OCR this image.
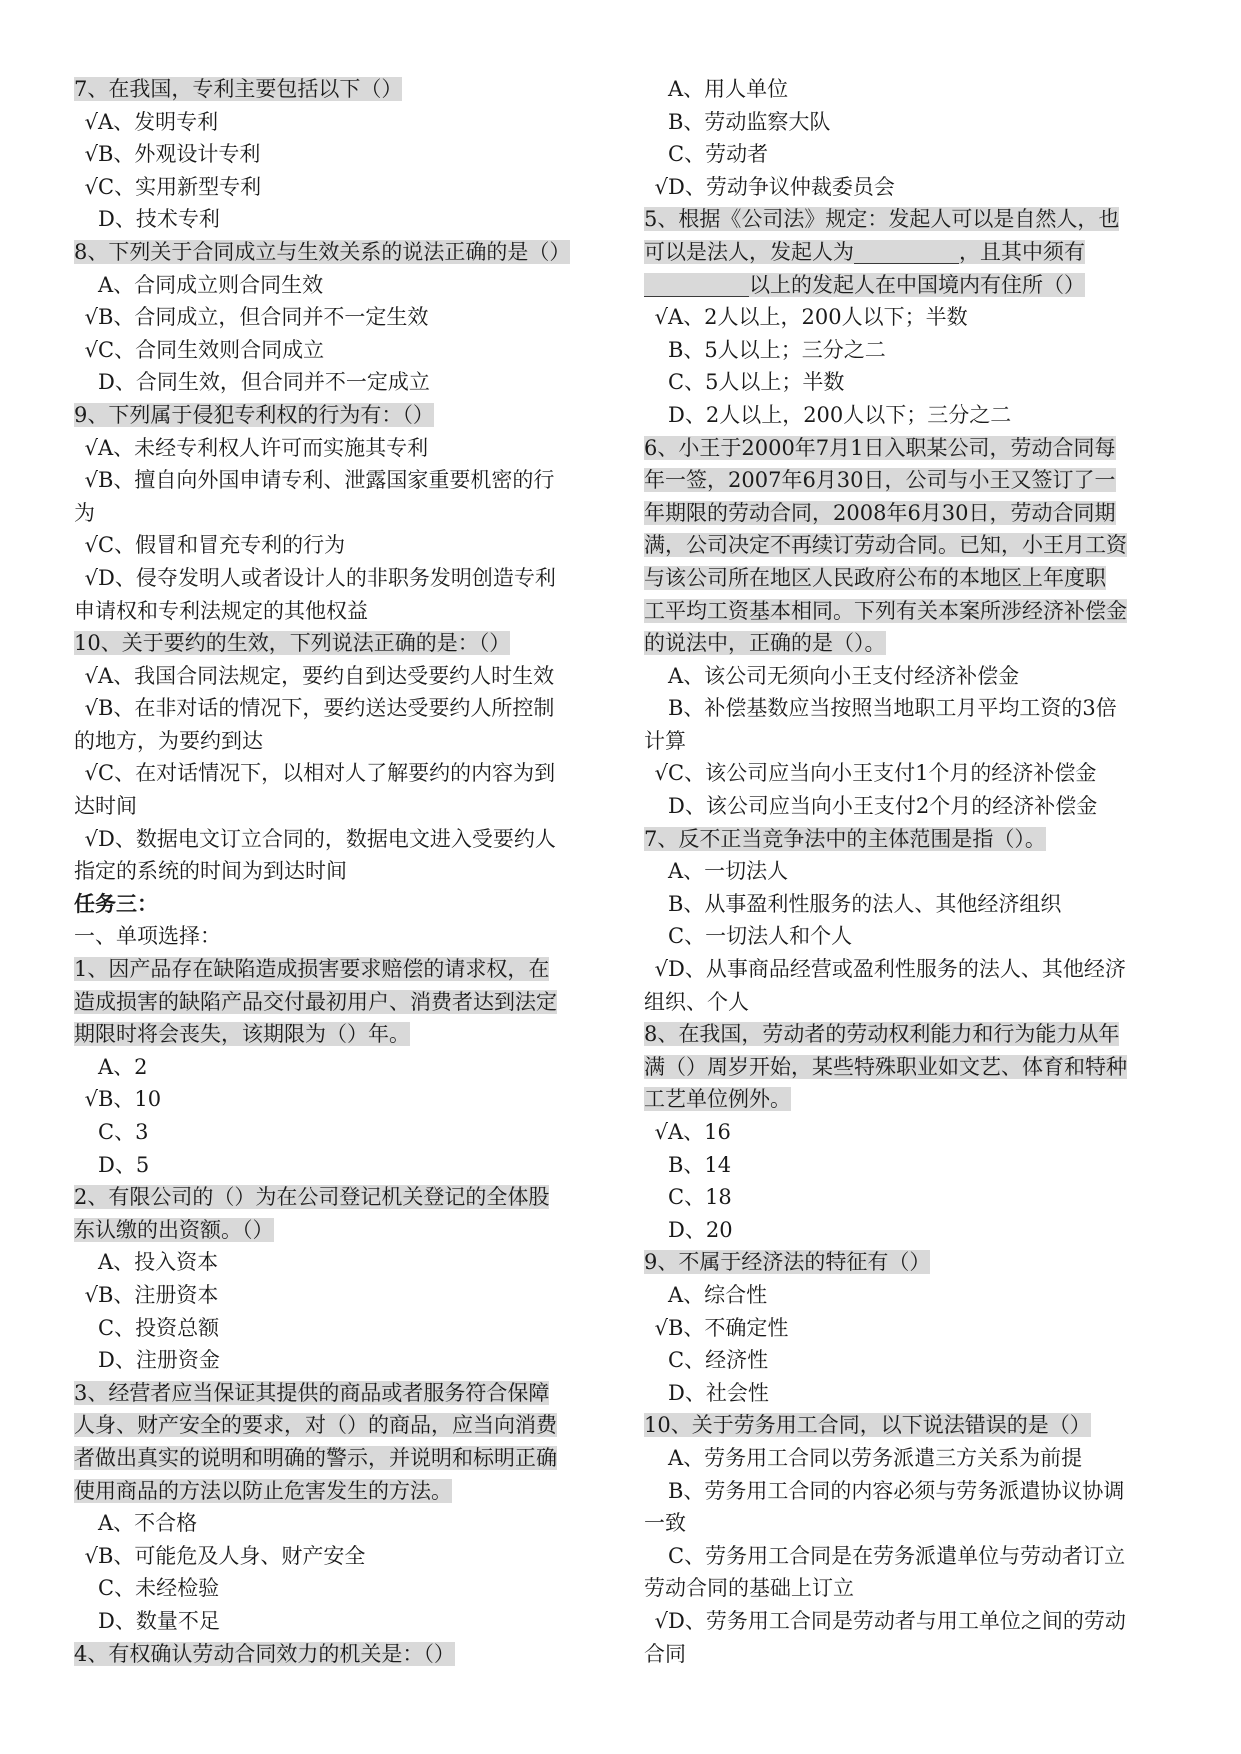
7、在我国，专利主要包括以下（）
√A、发明专利
√B、外观设计专利
√C、实用新型专利
D、技术专利
8、下列关于合同成立与生效关系的说法正确的是（）
A、合同成立则合同生效
√B、合同成立，但合同并不一定生效
√C、合同生效则合同成立
D、合同生效，但合同并不一定成立
9、下列属于侵犯专利权的行为有：（）
√A、未经专利权人许可而实施其专利
√B、擅自向外国申请专利、泄露国家重要机密的行
为
√C、假冒和冒充专利的行为
√D、侵夺发明人或者设计人的非职务发明创造专利
申请权和专利法规定的其他权益
10、关于要约的生效，下列说法正确的是：（）
√A、我国合同法规定，要约自到达受要约人时生效
√B、在非对话的情况下，要约送达受要约人所控制
的地方，为要约到达
√C、在对话情况下，以相对人了解要约的内容为到
达时间
√D、数据电文订立合同的，数据电文进入受要约人
指定的系统的时间为到达时间
任务三：
一、单项选择：
1、因产品存在缺陷造成损害要求赔偿的请求权，在
造成损害的缺陷产品交付最初用户、消费者达到法定
期限时将会丧失，该期限为（）年。
A、2
√B、10
C、3
D、5
2、有限公司的（）为在公司登记机关登记的全体股
东认缴的出资额。（）
A、投入资本
√B、注册资本
C、投资总额
D、注册资金
3、经营者应当保证其提供的商品或者服务符合保障
人身、财产安全的要求，对（）的商品，应当向消费
者做出真实的说明和明确的警示，并说明和标明正确
使用商品的方法以防止危害发生的方法。
A、不合格
√B、可能危及人身、财产安全
C、未经检验
D、数量不足
4、有权确认劳动合同效力的机关是：（）
A、用人单位
B、劳动监察大队
C、劳动者
√D、劳动争议仲裁委员会
5、根据《公司法》规定：发起人可以是自然人，也
可以是法人，发起人为__________，且其中须有
__________以上的发起人在中国境内有住所（）
√A、2人以上，200人以下；半数
B、5人以上；三分之二
C、5人以上；半数
D、2人以上，200人以下；三分之二
6、小王于2000年7月1日入职某公司，劳动合同每
年一签，2007年6月30日，公司与小王又签订了一
年期限的劳动合同，2008年6月30日，劳动合同期
满，公司决定不再续订劳动合同。已知，小王月工资
与该公司所在地区人民政府公布的本地区上年度职
工平均工资基本相同。下列有关本案所涉经济补偿金
的说法中，正确的是（）。
A、该公司无须向小王支付经济补偿金
B、补偿基数应当按照当地职工月平均工资的3倍
计算
√C、该公司应当向小王支付1个月的经济补偿金
D、该公司应当向小王支付2个月的经济补偿金
7、反不正当竞争法中的主体范围是指（）。
A、一切法人
B、从事盈利性服务的法人、其他经济组织
C、一切法人和个人
√D、从事商品经营或盈利性服务的法人、其他经济
组织、个人
8、在我国，劳动者的劳动权利能力和行为能力从年
满（）周岁开始，某些特殊职业如文艺、体育和特种
工艺单位例外。
√A、16
B、14
C、18
D、20
9、不属于经济法的特征有（）
A、综合性
√B、不确定性
C、经济性
D、社会性
10、关于劳务用工合同，以下说法错误的是（）
A、劳务用工合同以劳务派遣三方关系为前提
B、劳务用工合同的内容必须与劳务派遣协议协调
一致
C、劳务用工合同是在劳务派遣单位与劳动者订立
劳动合同的基础上订立
√D、劳务用工合同是劳动者与用工单位之间的劳动
合同
